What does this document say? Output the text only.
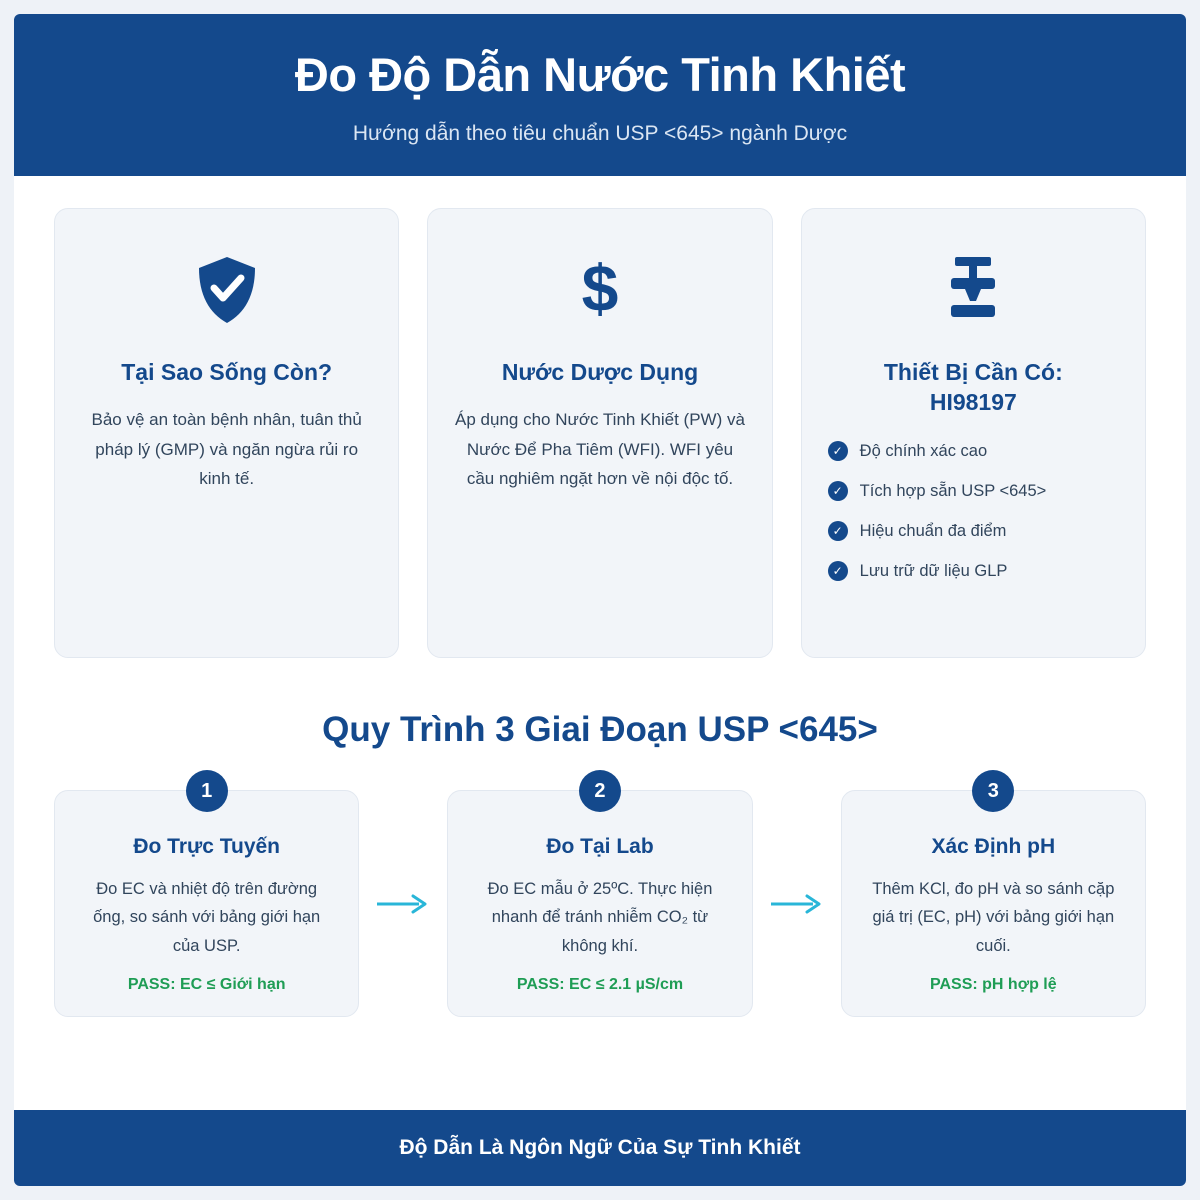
Đo Độ Dẫn Nước Tinh Khiết
Hướng dẫn theo tiêu chuẩn USP <645> ngành Dược
Tại Sao Sống Còn?

Bảo vệ an toàn bệnh nhân, tuân thủ pháp lý (GMP) và ngăn ngừa rủi ro kinh tế.

$
Nước Dược Dụng

Áp dụng cho Nước Tinh Khiết (PW) và Nước Để Pha Tiêm (WFI). WFI yêu cầu nghiêm ngặt hơn về nội độc tố.

Thiết Bị Cần Có:
HI98197
✓	Độ chính xác cao
✓	Tích hợp sẵn USP <645>
✓	Hiệu chuẩn đa điểm
✓	Lưu trữ dữ liệu GLP
Quy Trình 3 Giai Đoạn USP <645>
1
Đo Trực Tuyến

Đo EC và nhiệt độ trên đường ống, so sánh với bảng giới hạn của USP.

PASS: EC ≤ Giới hạn
2
Đo Tại Lab

Đo EC mẫu ở 25ºC. Thực hiện nhanh để tránh nhiễm CO₂ từ không khí.

PASS: EC ≤ 2.1 µS/cm
3
Xác Định pH

Thêm KCl, đo pH và so sánh cặp giá trị (EC, pH) với bảng giới hạn cuối.

PASS: pH hợp lệ
Độ Dẫn Là Ngôn Ngữ Của Sự Tinh Khiết
